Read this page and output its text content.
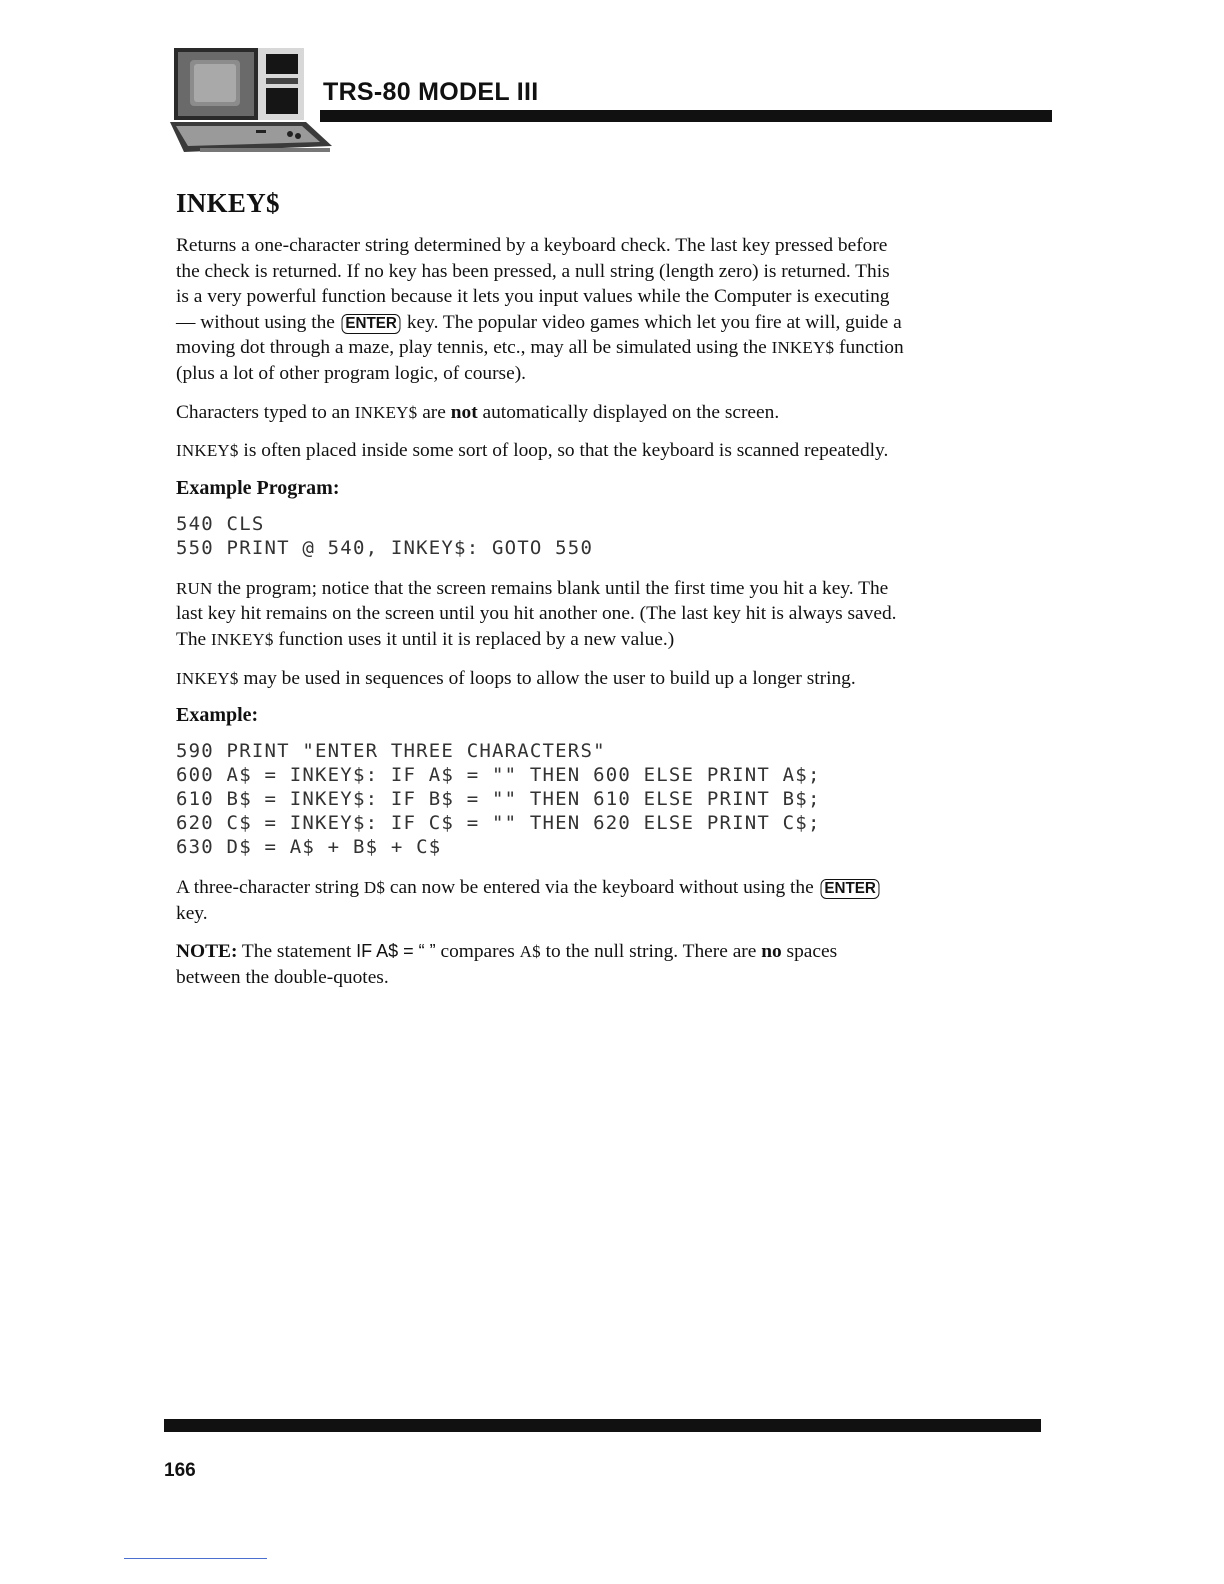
TRS-80 MODEL III
INKEY$

Returns a one-character string determined by a keyboard check. The last key pressed before the check is returned. If no key has been pressed, a null string (length zero) is returned. This is a very powerful function because it lets you input values while the Computer is executing — without using the ENTER key. The popular video games which let you fire at will, guide a moving dot through a maze, play tennis, etc., may all be simulated using the INKEY$ function (plus a lot of other program logic, of course).

Characters typed to an INKEY$ are not automatically displayed on the screen.

INKEY$ is often placed inside some sort of loop, so that the keyboard is scanned repeatedly.

Example Program:
540 CLS
550 PRINT @ 540, INKEY$: GOTO 550

RUN the program; notice that the screen remains blank until the first time you hit a key. The last key hit remains on the screen until you hit another one. (The last key hit is always saved. The INKEY$ function uses it until it is replaced by a new value.)

INKEY$ may be used in sequences of loops to allow the user to build up a longer string.

Example:
590 PRINT "ENTER THREE CHARACTERS"
600 A$ = INKEY$: IF A$ = "" THEN 600 ELSE PRINT A$;
610 B$ = INKEY$: IF B$ = "" THEN 610 ELSE PRINT B$;
620 C$ = INKEY$: IF C$ = "" THEN 620 ELSE PRINT C$;
630 D$ = A$ + B$ + C$

A three-character string D$ can now be entered via the keyboard without using the ENTER key.

NOTE: The statement IF A$ = “ ” compares A$ to the null string. There are no spaces between the double-quotes.

166
